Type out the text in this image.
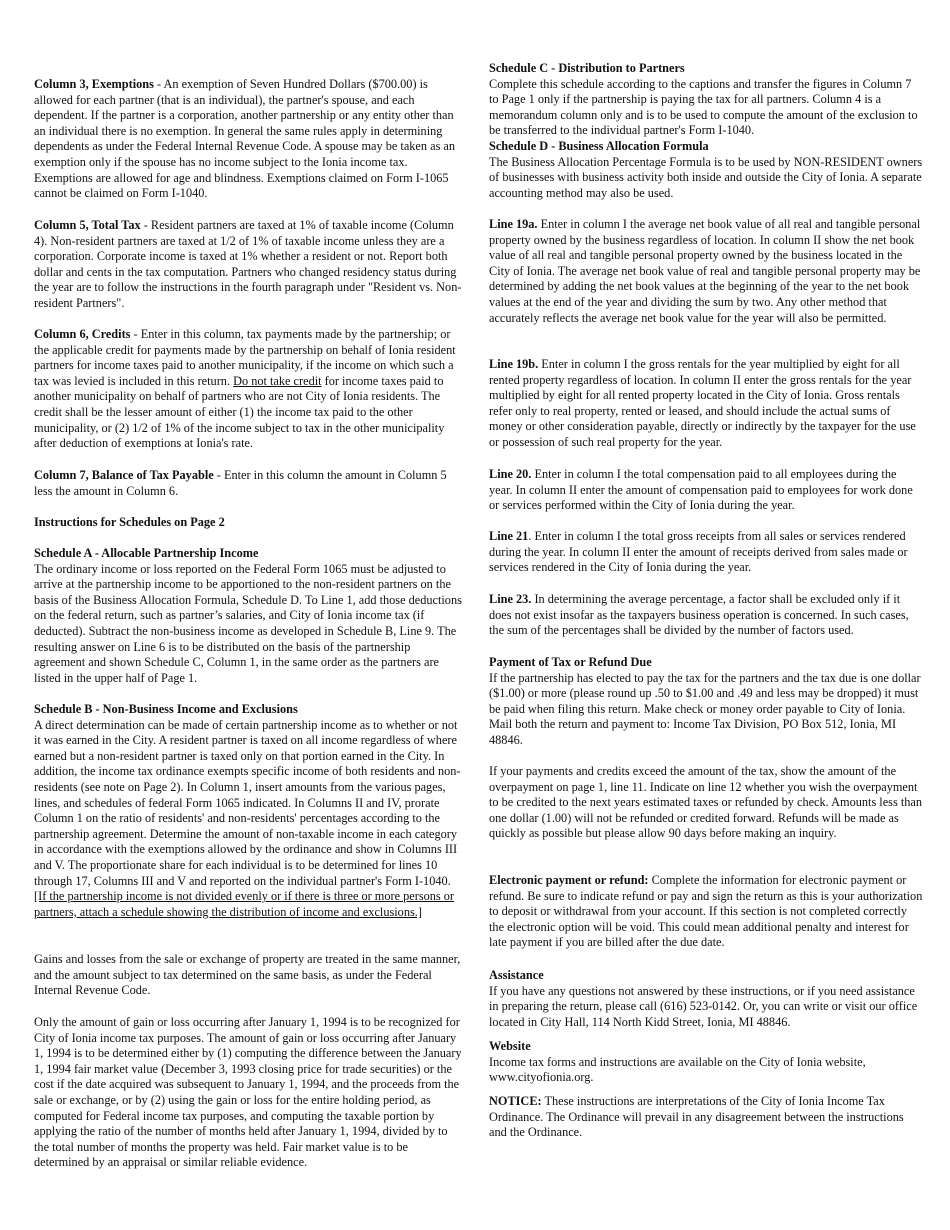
Column 3, Exemptions - An exemption of Seven Hundred Dollars ($700.00) is allowed for each partner (that is an individual), the partner's spouse, and each dependent. If the partner is a corporation, another partnership or any entity other than an individual there is no exemption. In general the same rules apply in determining dependents as under the Federal Internal Revenue Code. A spouse may be taken as an exemption only if the spouse has no income subject to the Ionia income tax. Exemptions are allowed for age and blindness. Exemptions claimed on Form I-1065 cannot be claimed on Form I-1040.

Column 5, Total Tax - Resident partners are taxed at 1% of taxable income (Column 4). Non-resident partners are taxed at 1/2 of 1% of taxable income unless they are a corporation. Corporate income is taxed at 1% whether a resident or not. Report both dollar and cents in the tax computation. Partners who changed residency status during the year are to follow the instructions in the fourth paragraph under "Resident vs. Non-resident Partners".

Column 6, Credits - Enter in this column, tax payments made by the partnership; or the applicable credit for payments made by the partnership on behalf of Ionia resident partners for income taxes paid to another municipality, if the income on which such a tax was levied is included in this return. Do not take credit for income taxes paid to another municipality on behalf of partners who are not City of Ionia residents. The credit shall be the lesser amount of either (1) the income tax paid to the other municipality, or (2) 1/2 of 1% of the income subject to tax in the other municipality after deduction of exemptions at Ionia's rate.

Column 7, Balance of Tax Payable - Enter in this column the amount in Column 5 less the amount in Column 6.

Instructions for Schedules on Page 2

Schedule A - Allocable Partnership Income

The ordinary income or loss reported on the Federal Form 1065 must be adjusted to arrive at the partnership income to be apportioned to the non-resident partners on the basis of the Business Allocation Formula, Schedule D. To Line 1, add those deductions on the federal return, such as partner’s salaries, and City of Ionia income tax (if deducted). Subtract the non-business income as developed in Schedule B, Line 9. The resulting answer on Line 6 is to be distributed on the basis of the partnership agreement and shown Schedule C, Column 1, in the same order as the partners are listed in the upper half of Page 1.

Schedule B - Non-Business Income and Exclusions

A direct determination can be made of certain partnership income as to whether or not it was earned in the City. A resident partner is taxed on all income regardless of where earned but a non-resident partner is taxed only on that portion earned in the City. In addition, the income tax ordinance exempts specific income of both residents and non-residents (see note on Page 2). In Column 1, insert amounts from the various pages, lines, and schedules of federal Form 1065 indicated. In Columns II and IV, prorate Column 1 on the ratio of residents' and non-residents' percentages according to the partnership agreement. Determine the amount of non-taxable income in each category in accordance with the exemptions allowed by the ordinance and show in Columns III and V. The proportionate share for each individual is to be determined for lines 10 through 17, Columns III and V and reported on the individual partner's Form I-1040. [If the partnership income is not divided evenly or if there is three or more persons or partners, attach a schedule showing the distribution of income and exclusions.]

Gains and losses from the sale or exchange of property are treated in the same manner, and the amount subject to tax determined on the same basis, as under the Federal Internal Revenue Code.

Only the amount of gain or loss occurring after January 1, 1994 is to be recognized for City of Ionia income tax purposes. The amount of gain or loss occurring after January 1, 1994 is to be determined either by (1) computing the difference between the January 1, 1994 fair market value (December 3, 1993 closing price for trade securities) or the cost if the date acquired was subsequent to January 1, 1994, and the proceeds from the sale or exchange, or by (2) using the gain or loss for the entire holding period, as computed for Federal income tax purposes, and computing the taxable portion by applying the ratio of the number of months held after January 1, 1994, divided by to the total number of months the property was held. Fair market value is to be determined by an appraisal or similar reliable evidence.

Schedule C - Distribution to Partners

Complete this schedule according to the captions and transfer the figures in Column 7 to Page 1 only if the partnership is paying the tax for all partners. Column 4 is a memorandum column only and is to be used to compute the amount of the exclusion to be transferred to the individual partner's Form I-1040.

Schedule D - Business Allocation Formula

The Business Allocation Percentage Formula is to be used by NON-RESIDENT owners of businesses with business activity both inside and outside the City of Ionia. A separate accounting method may also be used.

Line 19a. Enter in column I the average net book value of all real and tangible personal property owned by the business regardless of location. In column II show the net book value of all real and tangible personal property owned by the business located in the City of Ionia. The average net book value of real and tangible personal property may be determined by adding the net book values at the beginning of the year to the net book values at the end of the year and dividing the sum by two. Any other method that accurately reflects the average net book value for the year will also be permitted.

Line 19b. Enter in column I the gross rentals for the year multiplied by eight for all rented property regardless of location. In column II enter the gross rentals for the year multiplied by eight for all rented property located in the City of Ionia. Gross rentals refer only to real property, rented or leased, and should include the actual sums of money or other consideration payable, directly or indirectly by the taxpayer for the use or possession of such real property for the year.

Line 20. Enter in column I the total compensation paid to all employees during the year. In column II enter the amount of compensation paid to employees for work done or services performed within the City of Ionia during the year.

Line 21. Enter in column I the total gross receipts from all sales or services rendered during the year. In column II enter the amount of receipts derived from sales made or services rendered in the City of Ionia during the year.

Line 23. In determining the average percentage, a factor shall be excluded only if it does not exist insofar as the taxpayers business operation is concerned. In such cases, the sum of the percentages shall be divided by the number of factors used.

Payment of Tax or Refund Due

If the partnership has elected to pay the tax for the partners and the tax due is one dollar ($1.00) or more (please round up .50 to $1.00 and .49 and less may be dropped) it must be paid when filing this return. Make check or money order payable to City of Ionia. Mail both the return and payment to: Income Tax Division, PO Box 512, Ionia, MI 48846.

If your payments and credits exceed the amount of the tax, show the amount of the overpayment on page 1, line 11. Indicate on line 12 whether you wish the overpayment to be credited to the next years estimated taxes or refunded by check. Amounts less than one dollar (1.00) will not be refunded or credited forward. Refunds will be made as quickly as possible but please allow 90 days before making an inquiry.

Electronic payment or refund: Complete the information for electronic payment or refund. Be sure to indicate refund or pay and sign the return as this is your authorization to deposit or withdrawal from your account. If this section is not completed correctly the electronic option will be void. This could mean additional penalty and interest for late payment if you are billed after the due date.

Assistance

If you have any questions not answered by these instructions, or if you need assistance in preparing the return, please call (616) 523-0142. Or, you can write or visit our office located in City Hall, 114 North Kidd Street, Ionia, MI 48846.

Website

Income tax forms and instructions are available on the City of Ionia website, www.cityofionia.org.

NOTICE: These instructions are interpretations of the City of Ionia Income Tax Ordinance. The Ordinance will prevail in any disagreement between the instructions and the Ordinance.
